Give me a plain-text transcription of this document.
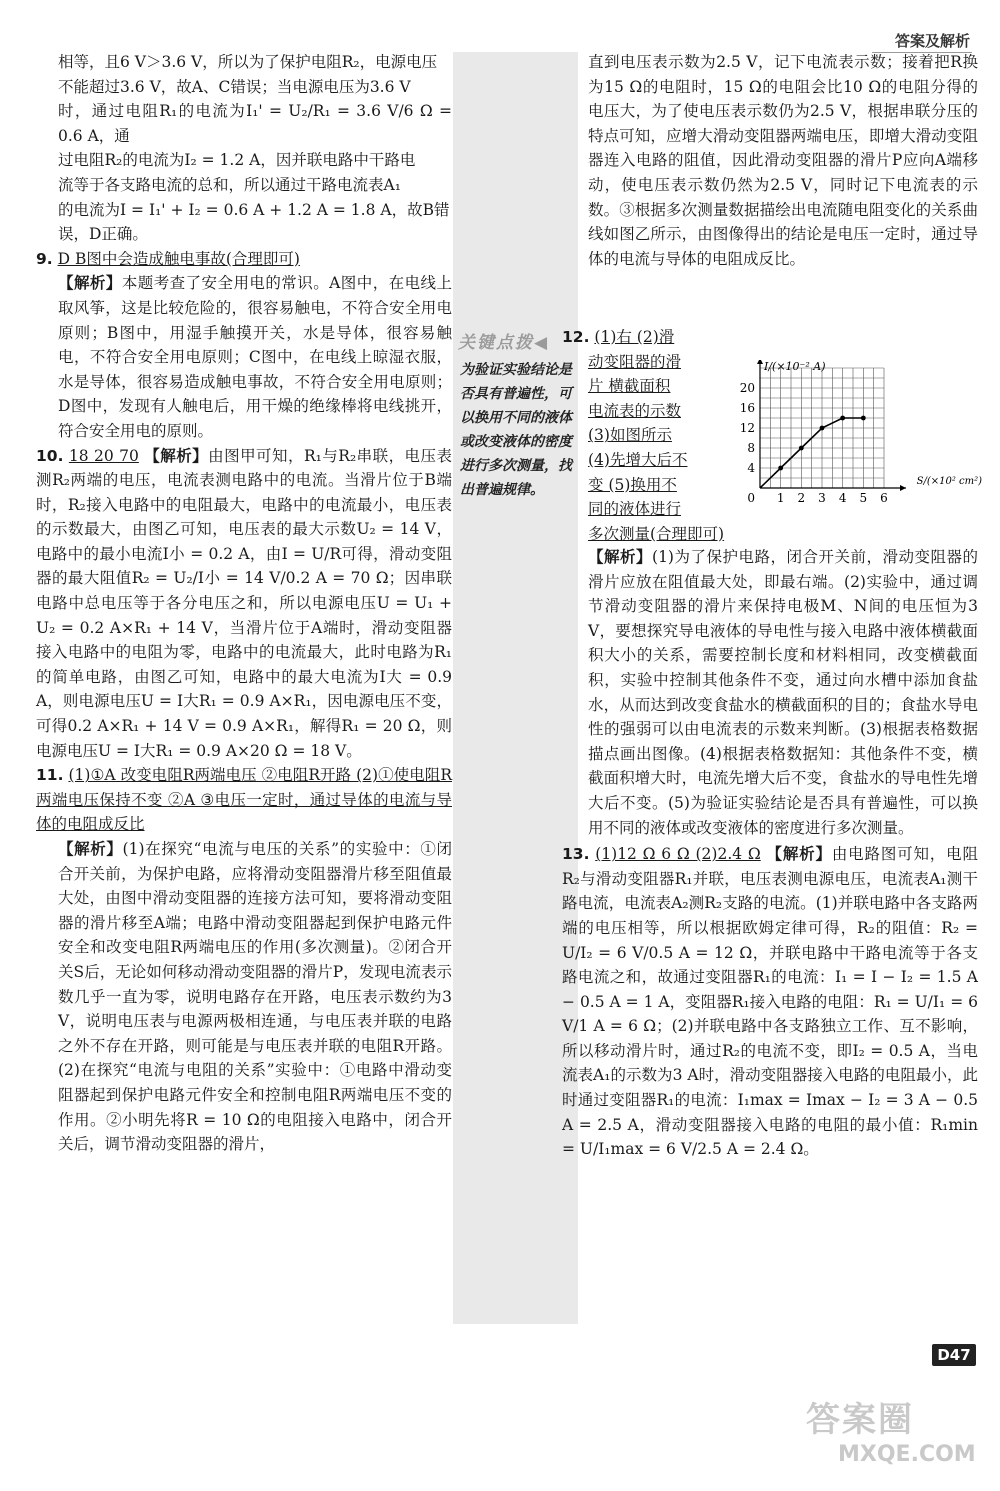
答案及解析
关键点拨◀
为验证实验结论是否具有普遍性，可以换用不同的液体或改变液体的密度进行多次测量，找出普遍规律。

相等，且6 V＞3.6 V，所以为了保护电阻R₂，电源电压

不能超过3.6 V，故A、C错误；当电源电压为3.6 V

时，通过电阻R₁的电流为I₁' = U₂/R₁ = 3.6 V/6 Ω = 0.6 A，通

过电阻R₂的电流为I₂ = 1.2 A，因并联电路中干路电

流等于各支路电流的总和，所以通过干路电流表A₁

的电流为I = I₁' + I₂ = 0.6 A + 1.2 A = 1.8 A，故B错

误，D正确。

9. D B图中会造成触电事故(合理即可)

【解析】本题考查了安全用电的常识。A图中，在电线上取风筝，这是比较危险的，很容易触电，不符合安全用电原则；B图中，用湿手触摸开关，水是导体，很容易触电，不符合安全用电原则；C图中，在电线上晾湿衣服，水是导体，很容易造成触电事故，不符合安全用电原则；D图中，发现有人触电后，用干燥的绝缘棒将电线挑开，符合安全用电的原则。

10. 18 20 70 【解析】由图甲可知，R₁与R₂串联，电压表测R₂两端的电压，电流表测电路中的电流。当滑片位于B端时，R₂接入电路中的电阻最大，电路中的电流最小，电压表的示数最大，由图乙可知，电压表的最大示数U₂ = 14 V，电路中的最小电流I小 = 0.2 A，由I = U/R可得，滑动变阻器的最大阻值R₂ = U₂/I小 = 14 V/0.2 A = 70 Ω；因串联电路中总电压等于各分电压之和，所以电源电压U = U₁ + U₂ = 0.2 A×R₁ + 14 V，当滑片位于A端时，滑动变阻器接入电路中的电阻为零，电路中的电流最大，此时电路为R₁的简单电路，由图乙可知，电路中的最大电流为I大 = 0.9 A，则电源电压U = I大R₁ = 0.9 A×R₁，因电源电压不变，可得0.2 A×R₁ + 14 V = 0.9 A×R₁，解得R₁ = 20 Ω，则电源电压U = I大R₁ = 0.9 A×20 Ω = 18 V。

11. (1)①A 改变电阻R两端电压 ②电阻R开路 (2)①使电阻R两端电压保持不变 ②A ③电压一定时，通过导体的电流与导体的电阻成反比

【解析】(1)在探究“电流与电压的关系”的实验中：①闭合开关前，为保护电路，应将滑动变阻器滑片移至阻值最大处，由图中滑动变阻器的连接方法可知，要将滑动变阻器的滑片移至A端；电路中滑动变阻器起到保护电路元件安全和改变电阻R两端电压的作用(多次测量)。②闭合开关S后，无论如何移动滑动变阻器的滑片P，发现电流表示数几乎一直为零，说明电路存在开路，电压表示数约为3 V，说明电压表与电源两极相连通，与电压表并联的电路之外不存在开路，则可能是与电压表并联的电阻R开路。(2)在探究“电流与电阻的关系”实验中：①电路中滑动变阻器起到保护电路元件安全和控制电阻R两端电压不变的作用。②小明先将R = 10 Ω的电阻接入电路中，闭合开关后，调节滑动变阻器的滑片，

直到电压表示数为2.5 V，记下电流表示数；接着把R换为15 Ω的电阻时，15 Ω的电阻会比10 Ω的电阻分得的电压大，为了使电压表示数仍为2.5 V，根据串联分压的特点可知，应增大滑动变阻器两端电压，即增大滑动变阻器连入电路的阻值，因此滑动变阻器的滑片P应向A端移动，使电压表示数仍然为2.5 V，同时记下电流表的示数。③根据多次测量数据描绘出电流随电阻变化的关系曲线如图乙所示，由图像得出的结论是电压一定时，通过导体的电流与导体的电阻成反比。

12. (1)右 (2)滑
动变阻器的滑
片 横截面积
电流表的示数
(3)如图所示
(4)先增大后不
变 (5)换用不
同的液体进行
多次测量(合理即可)
1 2 3 4 5 6
4
8
12
16
20
0
I/(×10⁻² A)
S/(×10² cm²)

【解析】(1)为了保护电路，闭合开关前，滑动变阻器的滑片应放在阻值最大处，即最右端。(2)实验中，通过调节滑动变阻器的滑片来保持电极M、N间的电压恒为3 V，要想探究导电液体的导电性与接入电路中液体横截面积大小的关系，需要控制长度和材料相同，改变横截面积，实验中控制其他条件不变，通过向水槽中添加食盐水，从而达到改变食盐水的横截面积的目的；食盐水导电性的强弱可以由电流表的示数来判断。(3)根据表格数据描点画出图像。(4)根据表格数据知：其他条件不变，横截面积增大时，电流先增大后不变，食盐水的导电性先增大后不变。(5)为验证实验结论是否具有普遍性，可以换用不同的液体或改变液体的密度进行多次测量。

13. (1)12 Ω 6 Ω (2)2.4 Ω 【解析】由电路图可知，电阻R₂与滑动变阻器R₁并联，电压表测电源电压，电流表A₁测干路电流，电流表A₂测R₂支路的电流。(1)并联电路中各支路两端的电压相等，所以根据欧姆定律可得，R₂的阻值：R₂ = U/I₂ = 6 V/0.5 A = 12 Ω，并联电路中干路电流等于各支路电流之和，故通过变阻器R₁的电流：I₁ = I − I₂ = 1.5 A − 0.5 A = 1 A，变阻器R₁接入电路的电阻：R₁ = U/I₁ = 6 V/1 A = 6 Ω；(2)并联电路中各支路独立工作、互不影响，所以移动滑片时，通过R₂的电流不变，即I₂ = 0.5 A，当电流表A₁的示数为3 A时，滑动变阻器接入电路的电阻最小，此时通过变阻器R₁的电流：I₁max = Imax − I₂ = 3 A − 0.5 A = 2.5 A，滑动变阻器接入电路的电阻的最小值：R₁min = U/I₁max = 6 V/2.5 A = 2.4 Ω。

D47
答案圈
MXQE.COM
